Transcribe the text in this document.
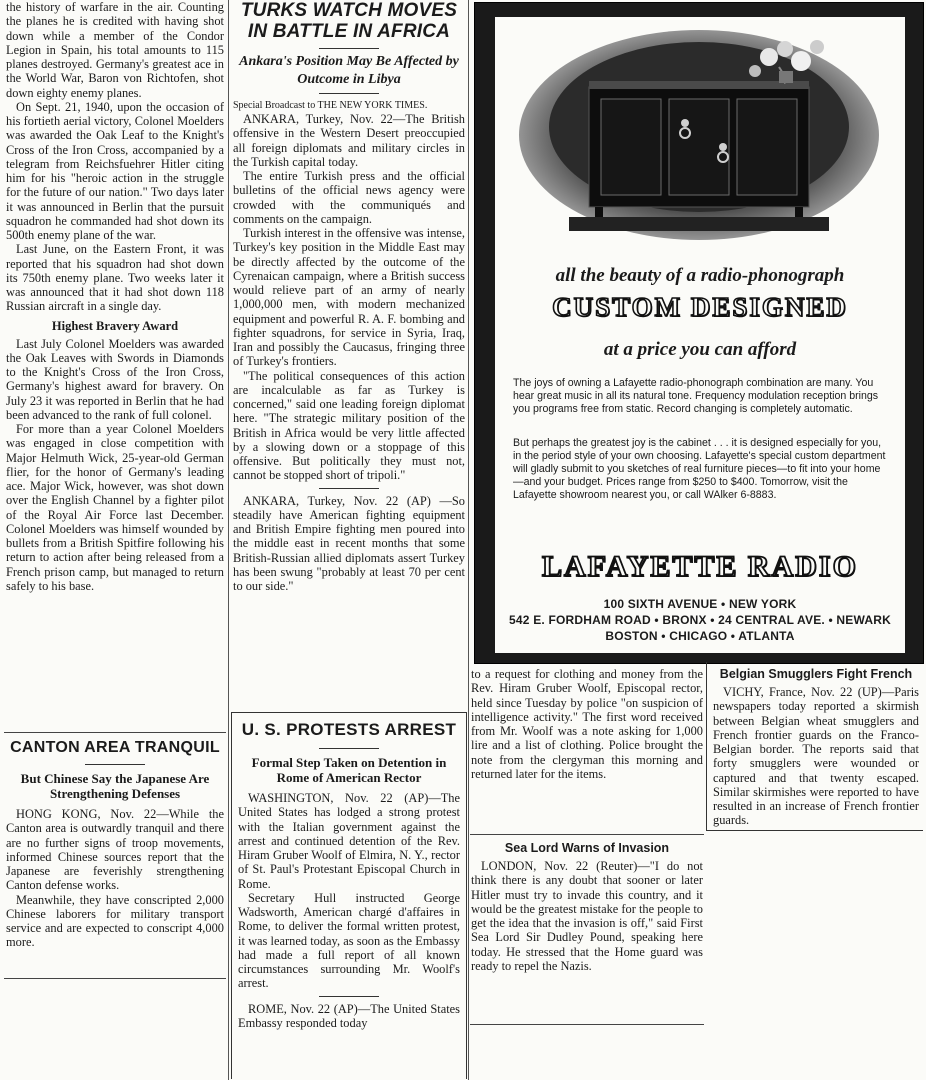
the history of warfare in the air. Counting the planes he is credited with having shot down while a member of the Condor Legion in Spain, his total amounts to 115 planes destroyed. Germany's greatest ace in the World War, Baron von Richtofen, shot down eighty enemy planes.

On Sept. 21, 1940, upon the occasion of his fortieth aerial victory, Colonel Moelders was awarded the Oak Leaf to the Knight's Cross of the Iron Cross, accompanied by a telegram from Reichsfuehrer Hitler citing him for his "heroic action in the struggle for the future of our nation." Two days later it was announced in Berlin that the pursuit squadron he commanded had shot down its 500th enemy plane of the war.

Last June, on the Eastern Front, it was reported that his squadron had shot down its 750th enemy plane. Two weeks later it was announced that it had shot down 118 Russian aircraft in a single day.

Highest Bravery Award

Last July Colonel Moelders was awarded the Oak Leaves with Swords in Diamonds to the Knight's Cross of the Iron Cross, Germany's highest award for bravery. On July 23 it was reported in Berlin that he had been advanced to the rank of full colonel.

For more than a year Colonel Moelders was engaged in close competition with Major Helmuth Wick, 25-year-old German flier, for the honor of Germany's leading ace. Major Wick, however, was shot down over the English Channel by a fighter pilot of the Royal Air Force last December. Colonel Moelders was himself wounded by bullets from a British Spitfire following his return to action after being released from a French prison camp, but managed to return safely to his base.

CANTON AREA TRANQUIL
But Chinese Say the Japanese Are Strengthening Defenses

HONG KONG, Nov. 22—While the Canton area is outwardly tranquil and there are no further signs of troop movements, informed Chinese sources report that the Japanese are feverishly strengthening Canton defense works.

Meanwhile, they have conscripted 2,000 Chinese laborers for military transport service and are expected to conscript 4,000 more.

TURKS WATCH MOVES IN BATTLE IN AFRICA
Ankara's Position May Be Affected by Outcome in Libya
Special Broadcast to THE NEW YORK TIMES.

ANKARA, Turkey, Nov. 22—The British offensive in the Western Desert preoccupied all foreign diplomats and military circles in the Turkish capital today.

The entire Turkish press and the official bulletins of the official news agency were crowded with the communiqués and comments on the campaign.

Turkish interest in the offensive was intense, Turkey's key position in the Middle East may be directly affected by the outcome of the Cyrenaican campaign, where a British success would relieve part of an army of nearly 1,000,000 men, with modern mechanized equipment and powerful R. A. F. bombing and fighter squadrons, for service in Syria, Iraq, Iran and possibly the Caucasus, fringing three of Turkey's frontiers.

"The political consequences of this action are incalculable as far as Turkey is concerned," said one leading foreign diplomat here. "The strategic military position of the British in Africa would be very little affected by a slowing down or a stoppage of this offensive. But politically they must not, cannot be stopped short of tripoli."

ANKARA, Turkey, Nov. 22 (AP) —So steadily have American fighting equipment and British Empire fighting men poured into the middle east in recent months that some British-Russian allied diplomats assert Turkey has been swung "probably at least 70 per cent to our side."

U. S. PROTESTS ARREST
Formal Step Taken on Detention in Rome of American Rector

WASHINGTON, Nov. 22 (AP)—The United States has lodged a strong protest with the Italian government against the arrest and continued detention of the Rev. Hiram Gruber Woolf of Elmira, N. Y., rector of St. Paul's Protestant Episcopal Church in Rome.

Secretary Hull instructed George Wadsworth, American chargé d'affaires in Rome, to deliver the formal written protest, it was learned today, as soon as the Embassy had made a full report of all known circumstances surrounding Mr. Woolf's arrest.

ROME, Nov. 22 (AP)—The United States Embassy responded today

all the beauty of a radio-phonograph
CUSTOM DESIGNED
at a price you can afford

The joys of owning a Lafayette radio-phonograph combination are many. You hear great music in all its natural tone. Frequency modulation reception brings you programs free from static. Record changing is completely automatic.

But perhaps the greatest joy is the cabinet . . . it is designed especially for you, in the period style of your own choosing. Lafayette's special custom department will gladly submit to you sketches of real furniture pieces—to fit into your home—and your budget. Prices range from $250 to $400. Tomorrow, visit the Lafayette showroom nearest you, or call WAlker 6-8883.

LAFAYETTE RADIO

100 SIXTH AVENUE • NEW YORK

542 E. FORDHAM ROAD • BRONX • 24 CENTRAL AVE. • NEWARK

BOSTON • CHICAGO • ATLANTA

to a request for clothing and money from the Rev. Hiram Gruber Woolf, Episcopal rector, held since Tuesday by police "on suspicion of intelligence activity." The first word received from Mr. Woolf was a note asking for 1,000 lire and a list of clothing. Police brought the note from the clergyman this morning and returned later for the items.

Sea Lord Warns of Invasion

LONDON, Nov. 22 (Reuter)—"I do not think there is any doubt that sooner or later Hitler must try to invade this country, and it would be the greatest mistake for the people to get the idea that the invasion is off," said First Sea Lord Sir Dudley Pound, speaking here today. He stressed that the Home guard was ready to repel the Nazis.

Belgian Smugglers Fight French

VICHY, France, Nov. 22 (UP)—Paris newspapers today reported a skirmish between Belgian wheat smugglers and French frontier guards on the Franco-Belgian border. The reports said that forty smugglers were wounded or captured and that twenty escaped. Similar skirmishes were reported to have resulted in an increase of French frontier guards.
